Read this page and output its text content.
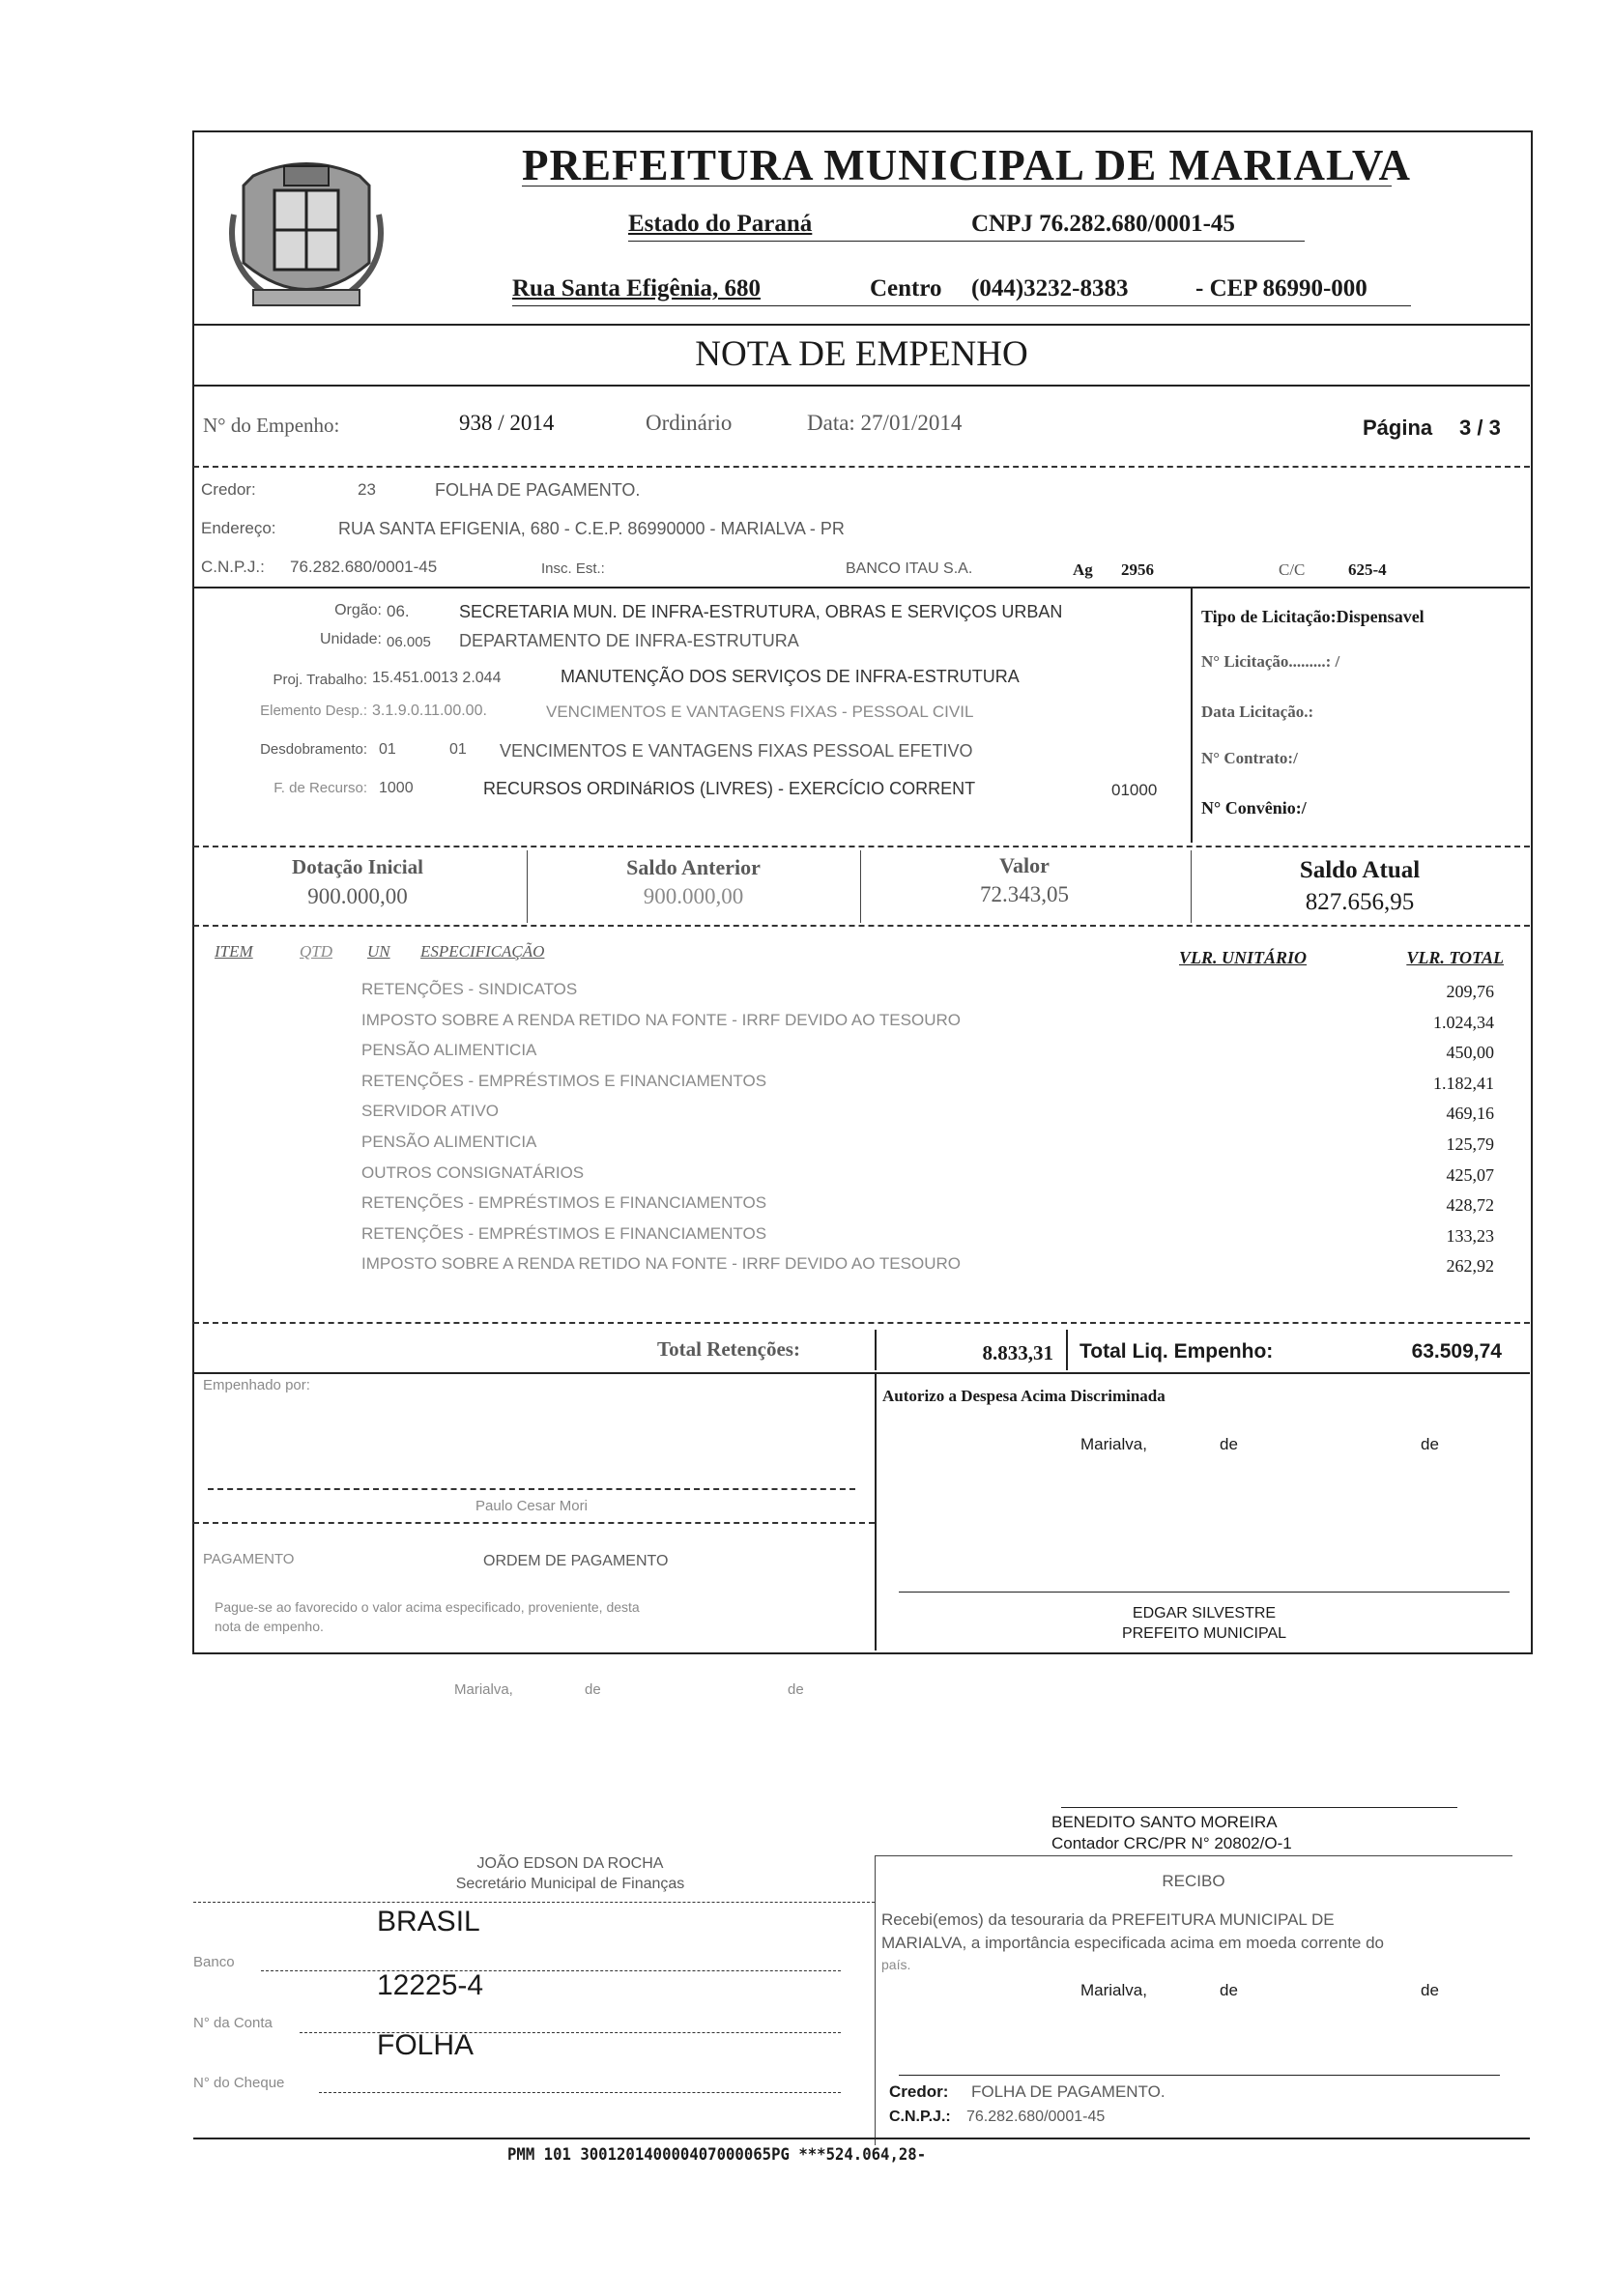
PREFEITURA MUNICIPAL DE MARIALVA
Estado do Paraná	CNPJ 76.282.680/0001-45
Rua Santa Efigênia, 680	Centro (044)3232-8383	- CEP 86990-000
NOTA DE EMPENHO
N° do Empenho:	938 / 2014	Ordinário	Data: 27/01/2014	Página 3 / 3
Credor:	23	FOLHA DE PAGAMENTO.
Endereço:	RUA SANTA EFIGENIA, 680 - C.E.P. 86990000 - MARIALVA - PR
C.N.P.J.: 76.282.680/0001-45	Insc. Est.:	BANCO ITAU S.A.	Ag 2956	C/C	625-4
Orgão: 06.	SECRETARIA MUN. DE INFRA-ESTRUTURA, OBRAS E SERVIÇOS URBAN
Unidade: 06.005 DEPARTAMENTO DE INFRA-ESTRUTURA
Proj. Trabalho: 15.451.0013 2.044	MANUTENÇÃO DOS SERVIÇOS DE INFRA-ESTRUTURA
Elemento Desp.: 3.1.9.0.11.00.00.	VENCIMENTOS E VANTAGENS FIXAS - PESSOAL CIVIL
Desdobramento: 01	01 VENCIMENTOS E VANTAGENS FIXAS PESSOAL EFETIVO
F. de Recurso: 1000	RECURSOS ORDINáRIOS (LIVRES) - EXERCÍCIO CORRENT	01000
Tipo de Licitação:Dispensavel
N° Licitação.........: /
Data Licitação.:
N° Contrato:/
N° Convênio:/
Dotação Inicial
900.000,00
Saldo Anterior
900.000,00
Valor
72.343,05
Saldo Atual
827.656,95
ITEM	QTD UN ESPECIFICAÇÃO	VLR. UNITÁRIO	VLR. TOTAL
RETENÇÕES - SINDICATOS	209,76
IMPOSTO SOBRE A RENDA RETIDO NA FONTE - IRRF DEVIDO AO TESOURO	1.024,34
PENSÃO ALIMENTICIA	450,00
RETENÇÕES - EMPRÉSTIMOS E FINANCIAMENTOS	1.182,41
SERVIDOR ATIVO	469,16
PENSÃO ALIMENTICIA	125,79
OUTROS CONSIGNATÁRIOS	425,07
RETENÇÕES - EMPRÉSTIMOS E FINANCIAMENTOS	428,72
RETENÇÕES - EMPRÉSTIMOS E FINANCIAMENTOS	133,23
IMPOSTO SOBRE A RENDA RETIDO NA FONTE - IRRF DEVIDO AO TESOURO	262,92
Total Retenções:	8.833,31 Total Liq. Empenho:	63.509,74
Empenhado por:
Paulo Cesar Mori
PAGAMENTO	ORDEM DE PAGAMENTO
Pague-se ao favorecido o valor acima especificado, proveniente, desta
nota de empenho.
Marialva,	de	de
Autorizo a Despesa Acima Discriminada
Marialva,	de	de
EDGAR SILVESTRE
PREFEITO MUNICIPAL
BENEDITO SANTO MOREIRA
Contador CRC/PR N° 20802/O-1
JOÃO EDSON DA ROCHA
Secretário Municipal de Finanças	RECIBO
Recebi(emos) da tesouraria da PREFEITURA MUNICIPAL DE
MARIALVA, a importância especificada acima em moeda corrente do
país.
Marialva,	de	de
BRASIL
Banco
12225-4
N° da Conta
FOLHA
N° do Cheque	Credor: FOLHA DE PAGAMENTO.
C.N.P.J.: 76.282.680/0001-45
PMM 101 300120140000407000065PG ***524.064,28-
